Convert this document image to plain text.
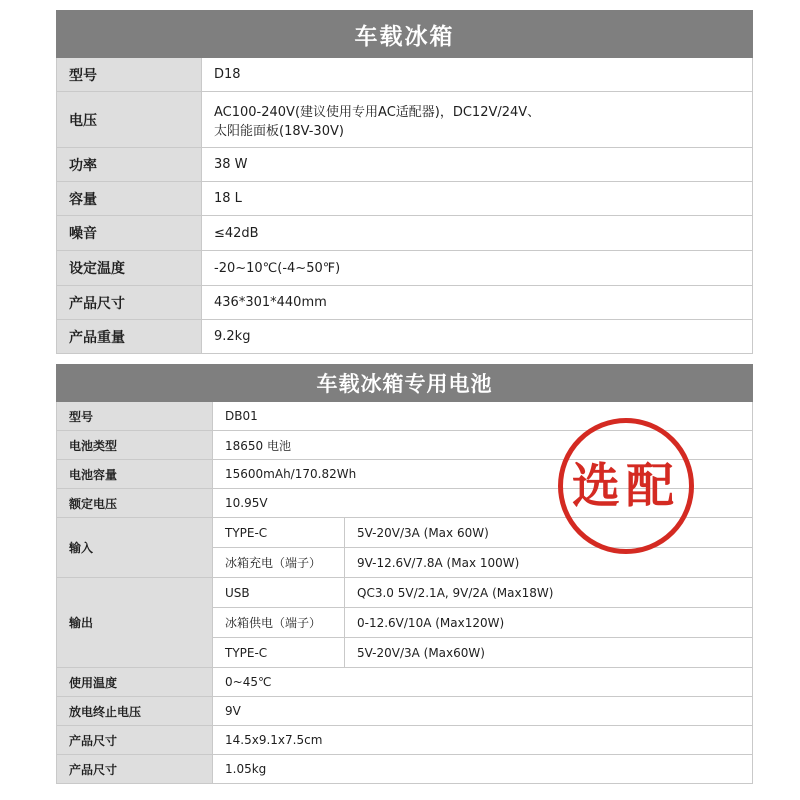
车载冰箱	
型号	D18
电压	AC100-240V(建议使用专用AC适配器)，DC12V/24V、
太阳能面板(18V-30V)

功率	38 W
容量	18 L
噪音	≤42dB
设定温度	-20~10℃(-4~50℉)
产品尺寸	436*301*440mm
产品重量	9.2kg
车载冰箱专用电池		
型号	DB01	
电池类型	18650 电池	
电池容量	15600mAh/170.82Wh	
额定电压	10.95V	
输入	TYPE-C	5V-20V/3A (Max 60W)
	冰箱充电（端子）	9V-12.6V/7.8A (Max 100W)
输出	USB	QC3.0 5V/2.1A, 9V/2A (Max18W)
	冰箱供电（端子）	0-12.6V/10A (Max120W)
	TYPE-C	5V-20V/3A (Max60W)
使用温度	0~45℃	
放电终止电压	9V	
产品尺寸	14.5x9.1x7.5cm	
产品尺寸	1.05kg	
选配
